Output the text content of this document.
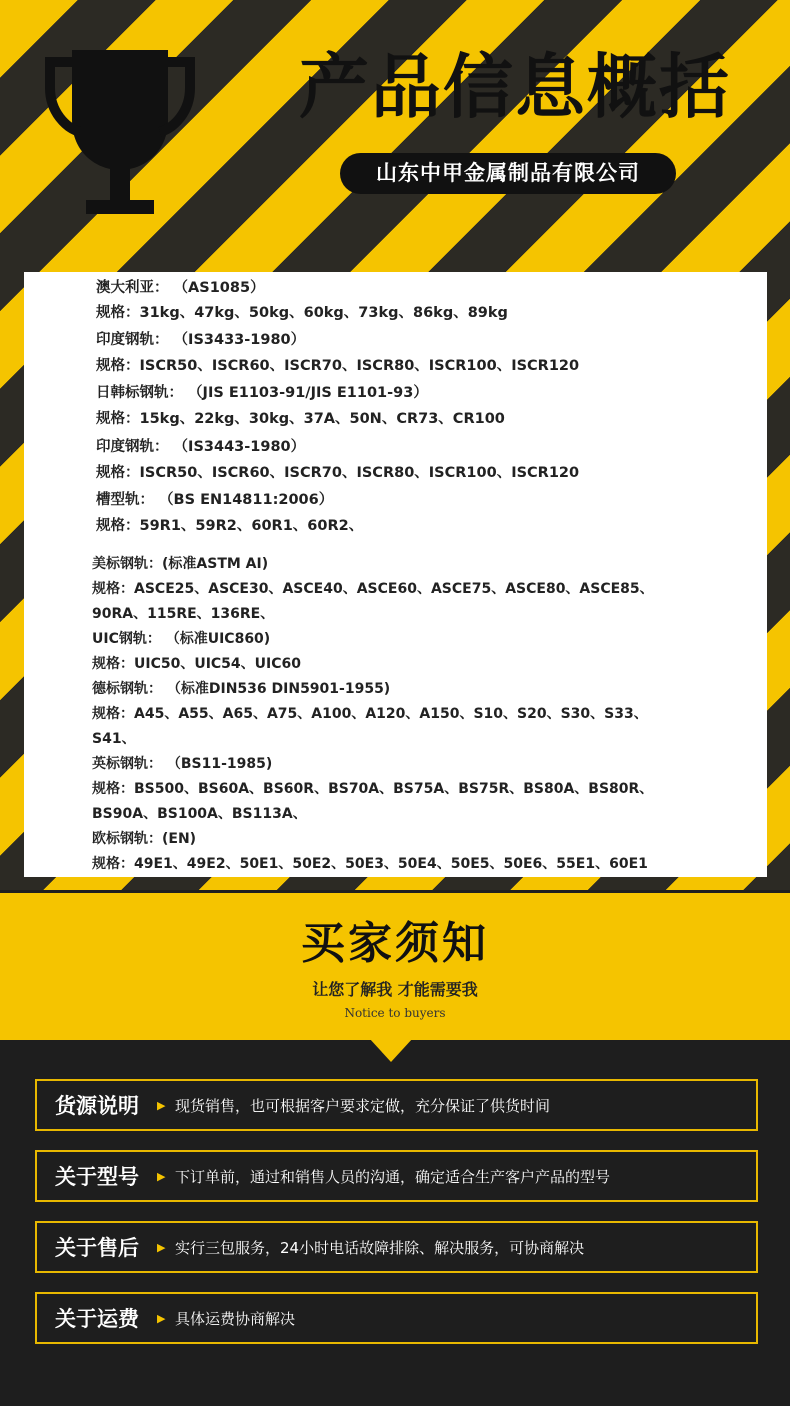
产品信息概括
山东中甲金属制品有限公司
澳大利亚： （AS1085）
规格：31kg、47kg、50kg、60kg、73kg、86kg、89kg
印度钢轨： （IS3433-1980）
规格：ISCR50、ISCR60、ISCR70、ISCR80、ISCR100、ISCR120
日韩标钢轨： （JIS E1103-91/JIS E1101-93）
规格：15kg、22kg、30kg、37A、50N、CR73、CR100
印度钢轨： （IS3443-1980）
规格：ISCR50、ISCR60、ISCR70、ISCR80、ISCR100、ISCR120
槽型轨： （BS EN14811:2006）
规格：59R1、59R2、60R1、60R2、
美标钢轨：(标准ASTM AI)
规格：ASCE25、ASCE30、ASCE40、ASCE60、ASCE75、ASCE80、ASCE85、
90RA、115RE、136RE、
UIC钢轨： （标准UIC860)
规格：UIC50、UIC54、UIC60
德标钢轨： （标准DIN536 DIN5901-1955)
规格：A45、A55、A65、A75、A100、A120、A150、S10、S20、S30、S33、
S41、
英标钢轨： （BS11-1985)
规格：BS500、BS60A、BS60R、BS70A、BS75A、BS75R、BS80A、BS80R、
BS90A、BS100A、BS113A、
欧标钢轨：(EN)
规格：49E1、49E2、50E1、50E2、50E3、50E4、50E5、50E6、55E1、60E1
买家须知
让您了解我 才能需要我
Notice to buyers
货源说明	▶ 现货销售，也可根据客户要求定做，充分保证了供货时间
关于型号	▶ 下订单前，通过和销售人员的沟通，确定适合生产客户产品的型号
关于售后	▶ 实行三包服务，24小时电话故障排除、解决服务，可协商解决
关于运费	▶ 具体运费协商解决
